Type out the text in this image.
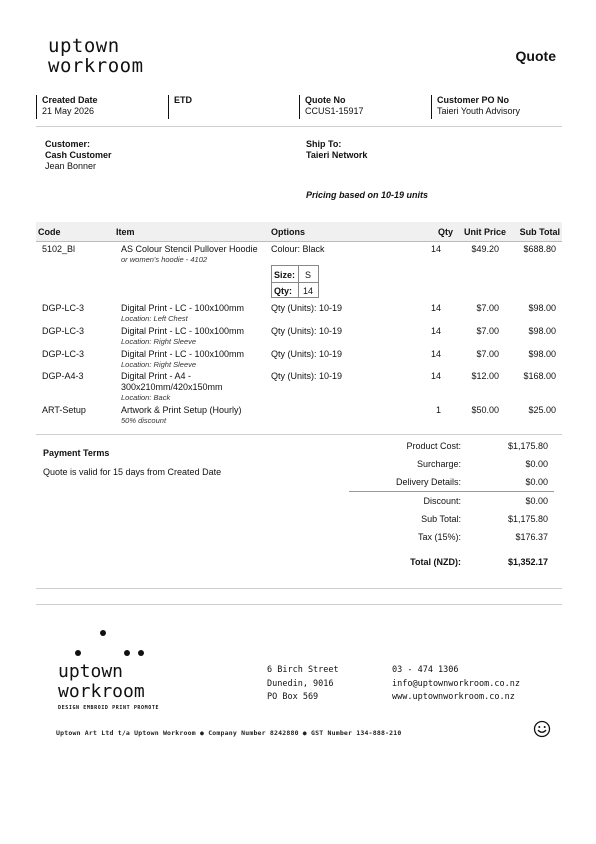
uptown
workroom	Quote
Created Date
21 May 2026
ETD	Quote No
CCUS1-15917
Customer PO No
Taieri Youth Advisory
Customer:
Cash Customer
Jean Bonner
Ship To:
Taieri Network
Pricing based on 10-19 units
Code	Item	Options	Qty	Unit Price	Sub Total
5102_Bl	AS Colour Stencil Pullover Hoodie
or women's hoodie - 4102
Colour: Black	14	$49.20	$688.80
Size: S
Qty: 14
DGP-LC-3	Digital Print - LC - 100x100mm
Location: Left Chest
Qty (Units): 10-19	14	$7.00	$98.00
DGP-LC-3	Digital Print - LC - 100x100mm
Location: Right Sleeve
Qty (Units): 10-19	14	$7.00	$98.00
DGP-LC-3	Digital Print - LC - 100x100mm
Location: Right Sleeve
Qty (Units): 10-19	14	$7.00	$98.00
DGP-A4-3	Digital Print - A4 -
300x210mm/420x150mm
Location: Back
Qty (Units): 10-19	14	$12.00	$168.00
ART-Setup	Artwork & Print Setup (Hourly)
50% discount
1	$50.00	$25.00
Payment Terms
Quote is valid for 15 days from Created Date
Product Cost:	$1,175.80
Surcharge:	$0.00
Delivery Details:	$0.00
Discount:	$0.00
Sub Total:	$1,175.80
Tax (15%):	$176.37
Total (NZD):	$1,352.17
uptown
workroom
DESIGN EMBROID PRINT PROMOTE
6 Birch Street
Dunedin, 9016
PO Box 569
03 - 474 1306
info@uptownworkroom.co.nz
www.uptownworkroom.co.nz
Uptown Art Ltd t/a Uptown Workroom ● Company Number 8242880 ● GST Number 134-888-210
